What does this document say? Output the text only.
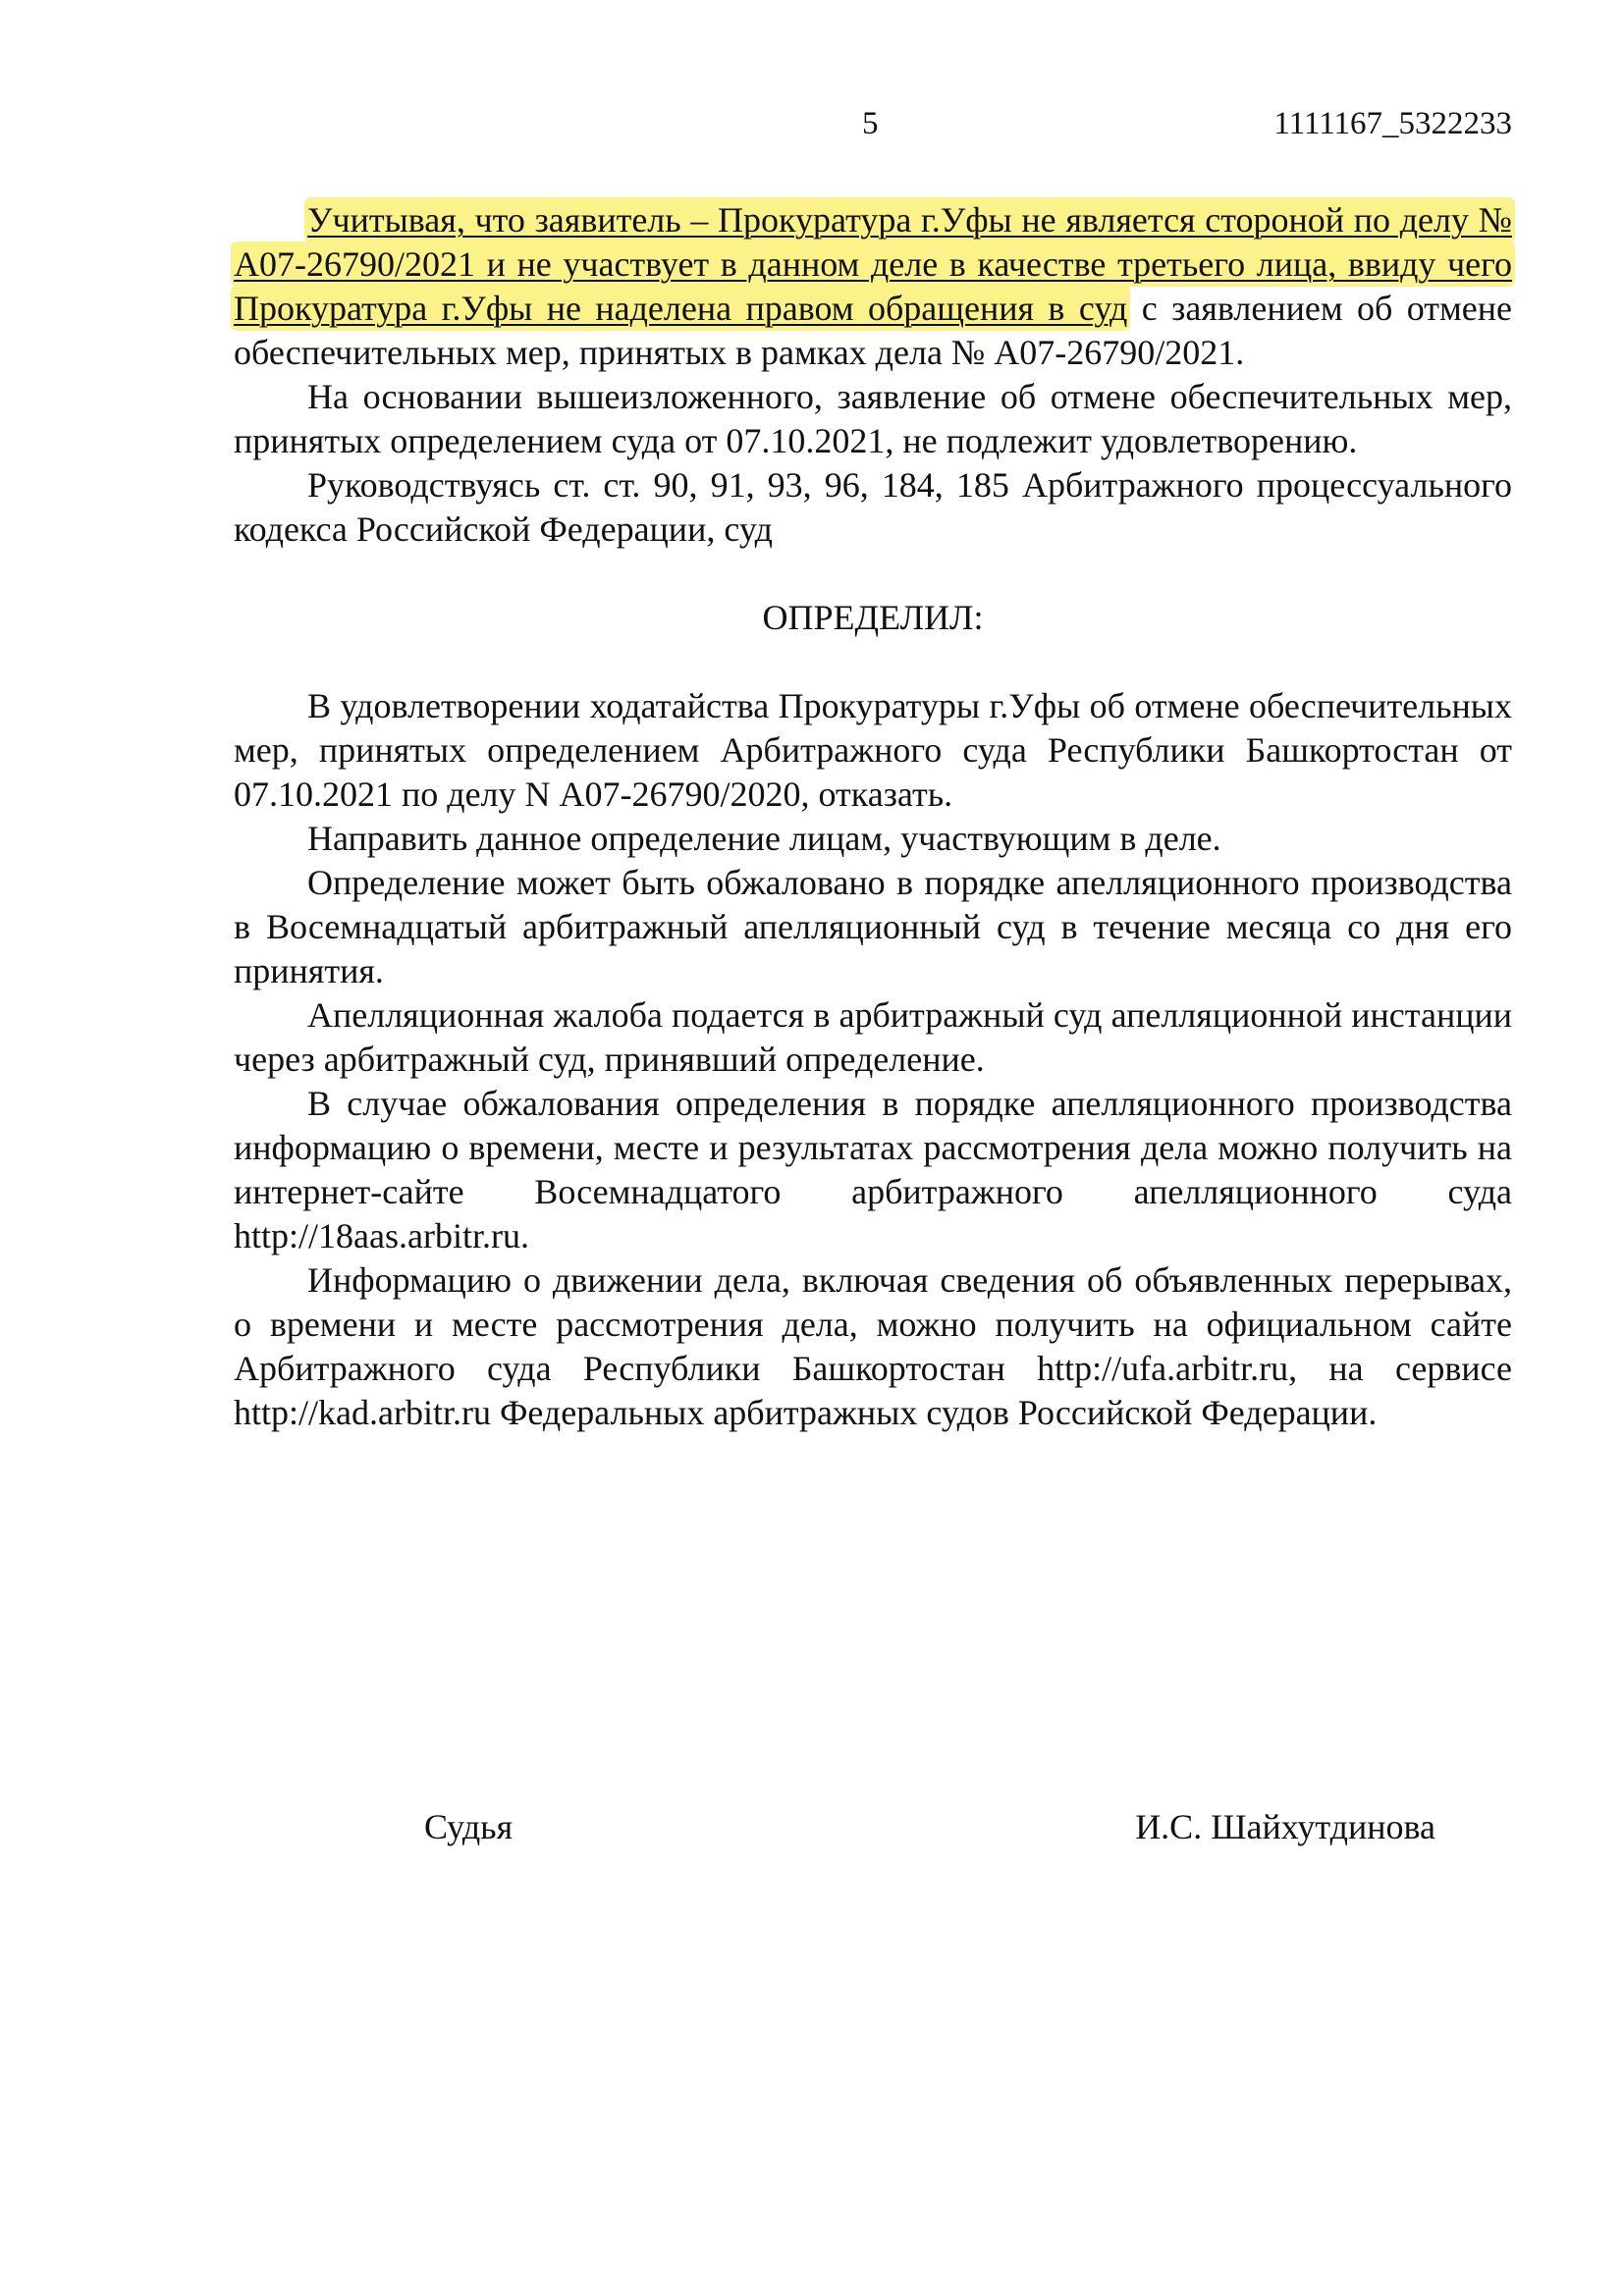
5	1111167_5322233

Учитывая, что заявитель – Прокуратура г.Уфы не является стороной по делу № А07-26790/2021 и не участвует в данном деле в качестве третьего лица, ввиду чего Прокуратура г.Уфы не наделена правом обращения в суд с заявлением об отмене обеспечительных мер, принятых в рамках дела № А07-26790/2021.

На основании вышеизложенного, заявление об отмене обеспечительных мер, принятых определением суда от 07.10.2021, не подлежит удовлетворению.

Руководствуясь ст. ст. 90, 91, 93, 96, 184, 185 Арбитражного процессуального кодекса Российской Федерации, суд

ОПРЕДЕЛИЛ:

В удовлетворении ходатайства Прокуратуры г.Уфы об отмене обеспечительных мер, принятых определением Арбитражного суда Республики Башкортостан от 07.10.2021 по делу N А07-26790/2020, отказать.

Направить данное определение лицам, участвующим в деле.

Определение может быть обжаловано в порядке апелляционного производства в Восемнадцатый арбитражный апелляционный суд в течение месяца со дня его принятия.

Апелляционная жалоба подается в арбитражный суд апелляционной инстанции через арбитражный суд, принявший определение.

В случае обжалования определения в порядке апелляционного производства информацию о времени, месте и результатах рассмотрения дела можно получить на интернет-сайте Восемнадцатого арбитражного апелляционного суда http://18aas.arbitr.ru.

Информацию о движении дела, включая сведения об объявленных перерывах, о времени и месте рассмотрения дела, можно получить на официальном сайте Арбитражного суда Республики Башкортостан http://ufa.arbitr.ru, на сервисе http://kad.arbitr.ru Федеральных арбитражных судов Российской Федерации.

Судья	И.С. Шайхутдинова
